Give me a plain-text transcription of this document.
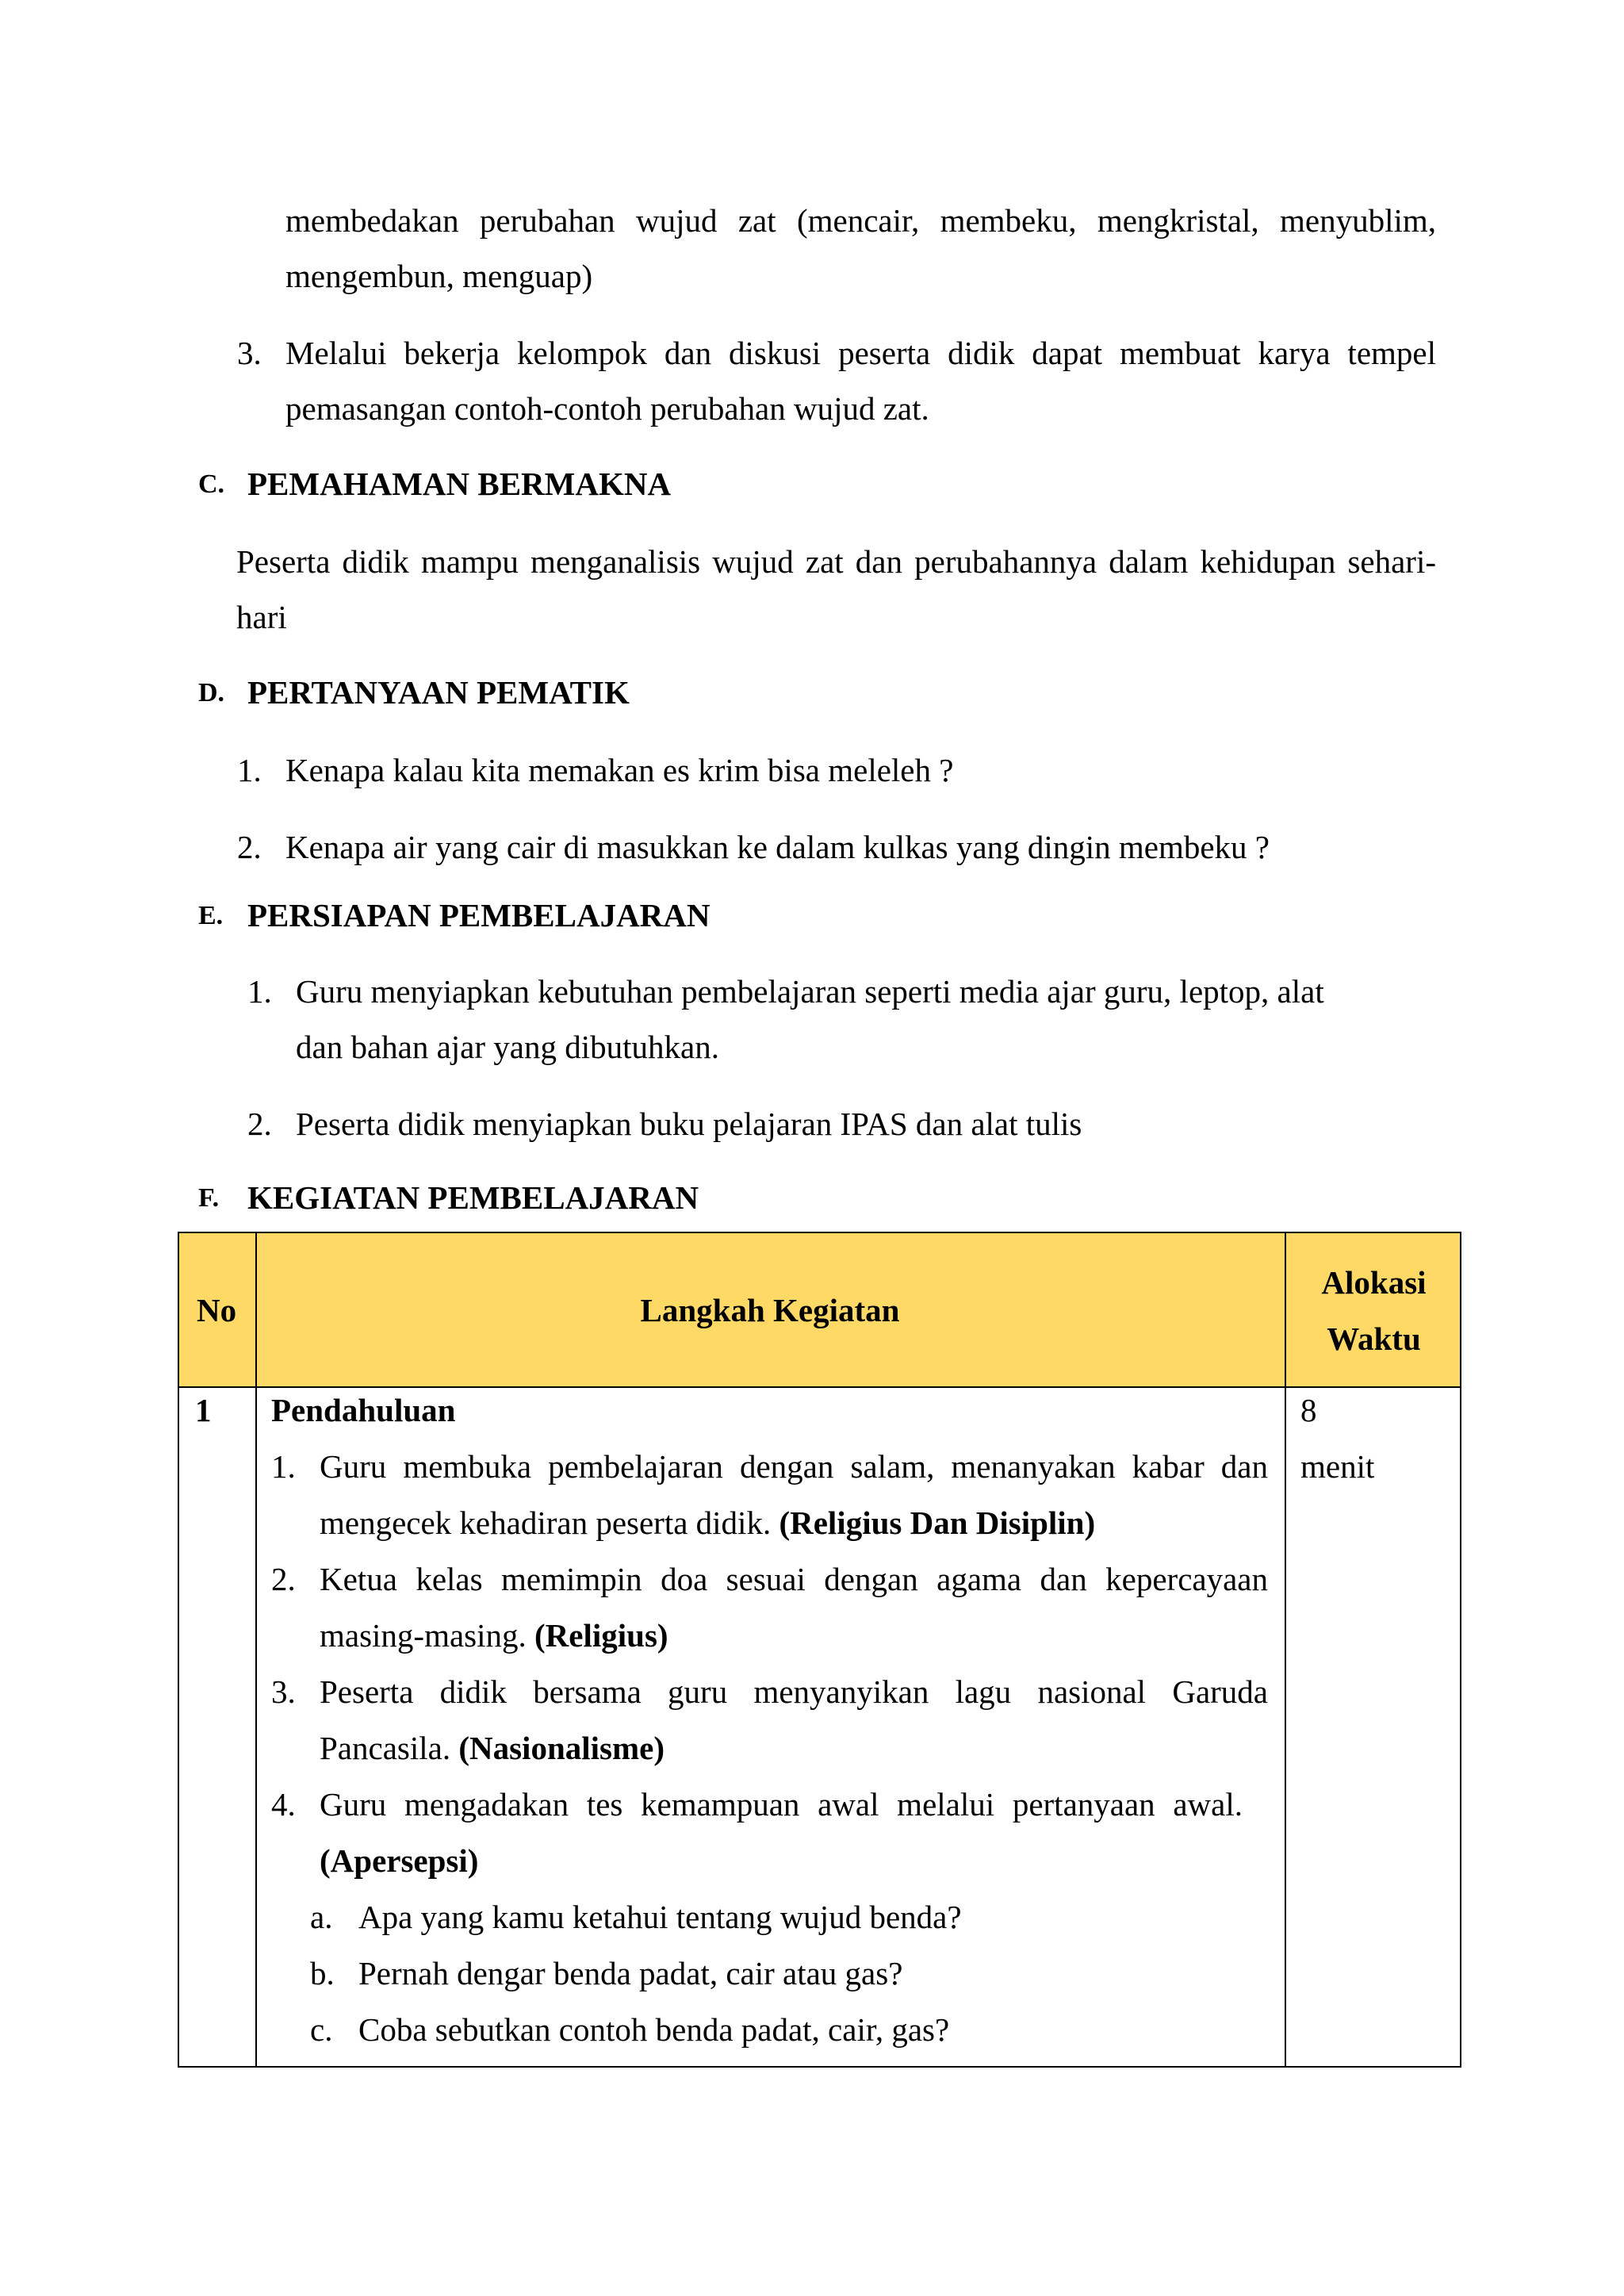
membedakan perubahan wujud zat (mencair, membeku, mengkristal, menyublim,
mengembun, menguap)
3. Melalui bekerja kelompok dan diskusi peserta didik dapat membuat karya tempel
pemasangan contoh-contoh perubahan wujud zat.
C. PEMAHAMAN BERMAKNA
Peserta didik mampu menganalisis wujud zat dan perubahannya dalam kehidupan sehari-
hari
D. PERTANYAAN PEMATIK
1. Kenapa kalau kita memakan es krim bisa meleleh ?
2. Kenapa air yang cair di masukkan ke dalam kulkas yang dingin membeku ?
E. PERSIAPAN PEMBELAJARAN
1. Guru menyiapkan kebutuhan pembelajaran seperti media ajar guru, leptop, alat
dan bahan ajar yang dibutuhkan.
2. Peserta didik menyiapkan buku pelajaran IPAS dan alat tulis
F. KEGIATAN PEMBELAJARAN
No	Langkah Kegiatan
Alokasi
Waktu
1 Pendahuluan	8
menit
1. Guru membuka pembelajaran dengan salam, menanyakan kabar dan
mengecek kehadiran peserta didik. (Religius Dan Disiplin)
2. Ketua kelas memimpin doa sesuai dengan agama dan kepercayaan
masing-masing. (Religius)
3. Peserta didik bersama guru menyanyikan lagu nasional Garuda
Pancasila. (Nasionalisme)
4. Guru mengadakan tes kemampuan awal melalui pertanyaan awal.
(Apersepsi)
a. Apa yang kamu ketahui tentang wujud benda?
b. Pernah dengar benda padat, cair atau gas?
c. Coba sebutkan contoh benda padat, cair, gas?
